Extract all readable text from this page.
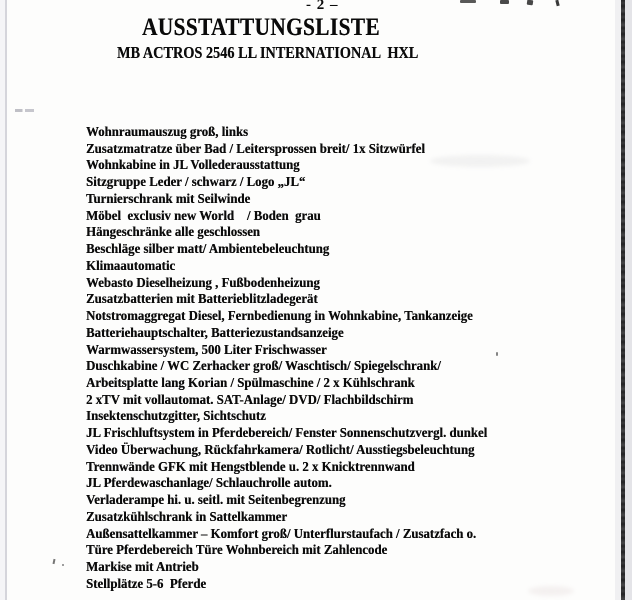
- 2 –
AUSSTATTUNGSLISTE
MB ACTROS 2546 LL INTERNATIONAL  HXL
Wohnraumauszug groß, links
Zusatzmatratze über Bad / Leitersprossen breit/ 1x Sitzwürfel
Wohnkabine in JL Vollederausstattung
Sitzgruppe Leder / schwarz / Logo „JL“
Turnierschrank mit Seilwinde
Möbel  exclusiv new World    / Boden  grau
Hängeschränke alle geschlossen
Beschläge silber matt/ Ambientebeleuchtung
Klimaautomatic
Webasto Dieselheizung , Fußbodenheizung
Zusatzbatterien mit Batterieblitzladegerät
Notstromaggregat Diesel, Fernbedienung in Wohnkabine, Tankanzeige
Batteriehauptschalter, Batteriezustandsanzeige
Warmwassersystem, 500 Liter Frischwasser
Duschkabine / WC Zerhacker groß/ Waschtisch/ Spiegelschrank/
Arbeitsplatte lang Korian / Spülmaschine / 2 x Kühlschrank
2 xTV mit vollautomat. SAT-Anlage/ DVD/ Flachbildschirm
Insektenschutzgitter, Sichtschutz
JL Frischluftsystem in Pferdebereich/ Fenster Sonnenschutzvergl. dunkel
Video Überwachung, Rückfahrkamera/ Rotlicht/ Ausstiegsbeleuchtung
Trennwände GFK mit Hengstblende u. 2 x Knicktrennwand
JL Pferdewaschanlage/ Schlauchrolle autom.
Verladerampe hi. u. seitl. mit Seitenbegrenzung
Zusatzkühlschrank in Sattelkammer
Außensattelkammer – Komfort groß/ Unterflurstaufach / Zusatzfach o.
Türe Pferdebereich Türe Wohnbereich mit Zahlencode
Markise mit Antrieb
Stellplätze 5-6  Pferde
